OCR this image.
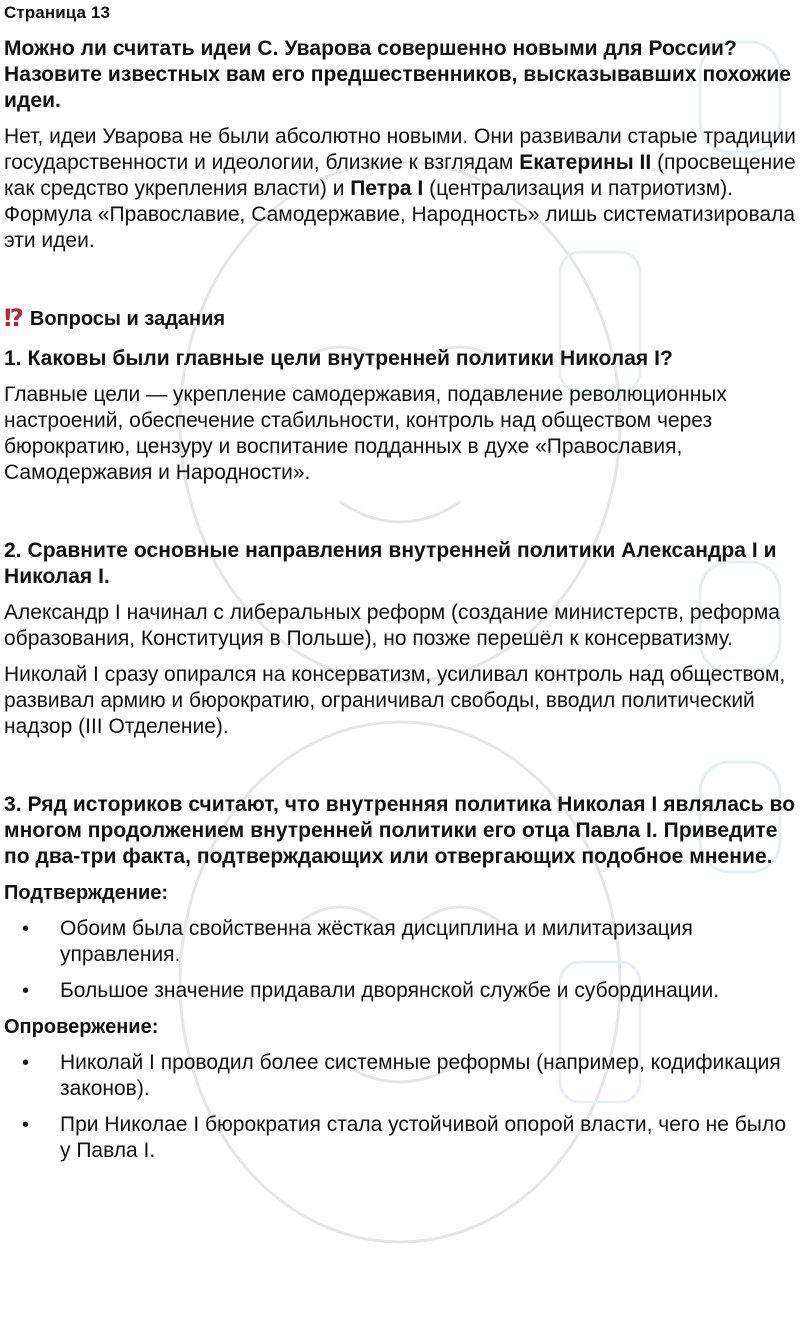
Страница 13
Можно ли считать идеи С. Уварова совершенно новыми для России? Назовите известных вам его предшественников, высказывавших похожие идеи.

Нет, идеи Уварова не были абсолютно новыми. Они развивали старые традиции государственности и идеологии, близкие к взглядам Екатерины II (просвещение как средство укрепления власти) и Петра I (централизация и патриотизм). Формула «Православие, Самодержавие, Народность» лишь систематизировала эти идеи.

⁉ Вопросы и задания
1. Каковы были главные цели внутренней политики Николая I?

Главные цели — укрепление самодержавия, подавление революционных настроений, обеспечение стабильности, контроль над обществом через бюрократию, цензуру и воспитание подданных в духе «Православия, Самодержавия и Народности».

2. Сравните основные направления внутренней политики Александра I и Николая I.

Александр I начинал с либеральных реформ (создание министерств, реформа образования, Конституция в Польше), но позже перешёл к консерватизму.

Николай I сразу опирался на консерватизм, усиливал контроль над обществом, развивал армию и бюрократию, ограничивал свободы, вводил политический надзор (III Отделение).

3. Ряд историков считают, что внутренняя политика Николая I являлась во многом продолжением внутренней политики его отца Павла I. Приведите по два-три факта, подтверждающих или отвергающих подобное мнение.
Подтверждение:
• Обоим была свойственна жёсткая дисциплина и милитаризация управления.
• Большое значение придавали дворянской службе и субординации.
Опровержение:
• Николай I проводил более системные реформы (например, кодификация законов).
• При Николае I бюрократия стала устойчивой опорой власти, чего не было у Павла I.
